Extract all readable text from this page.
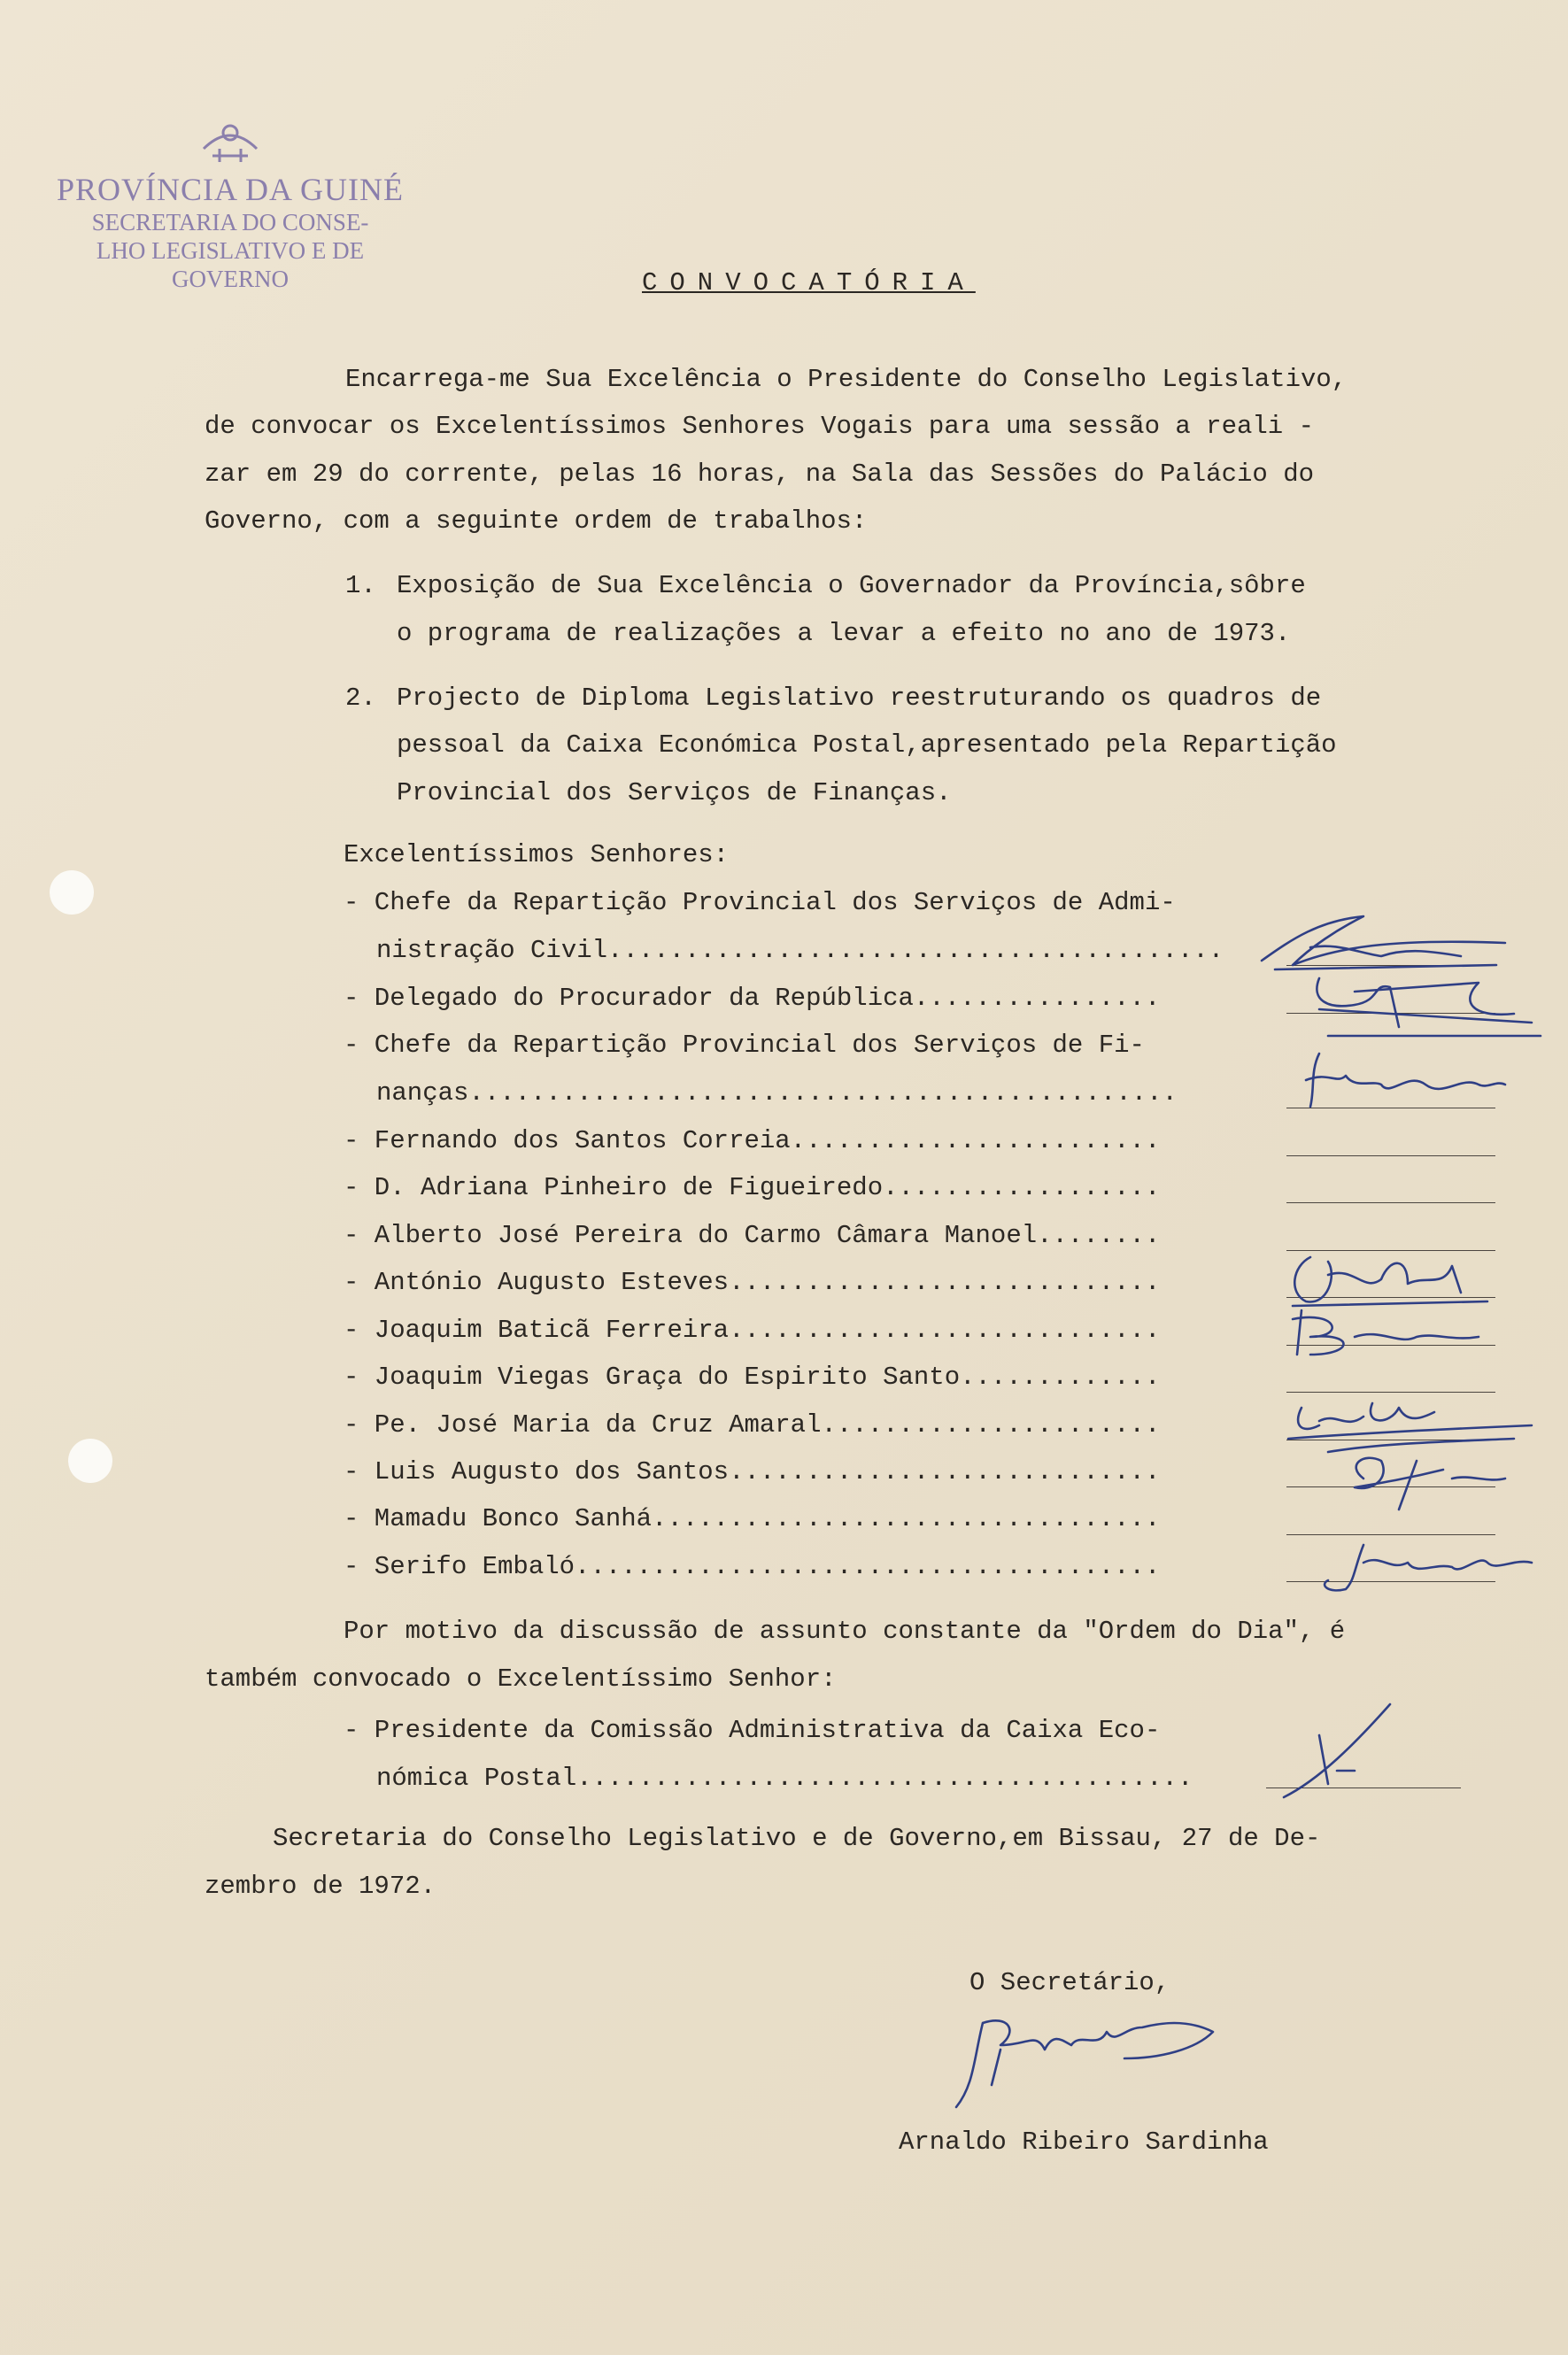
PROVÍNCIA DA GUINÉ
SECRETARIA DO CONSE-
LHO LEGISLATIVO E DE
GOVERNO	CONVOCATÓRIA
Encarrega-me Sua Excelência o Presidente do Conselho Legislativo,
de convocar os Excelentíssimos Senhores Vogais para uma sessão a reali -
zar em 29 do corrente, pelas 16 horas, na Sala das Sessões do Palácio do
Governo, com a seguinte ordem de trabalhos:
1. Exposição de Sua Excelência o Governador da Província,sôbre
o programa de realizações a levar a efeito no ano de 1973.
2. Projecto de Diploma Legislativo reestruturando os quadros de
pessoal da Caixa Económica Postal,apresentado pela Repartição
Provincial dos Serviços de Finanças.
Excelentíssimos Senhores:
- Chefe da Repartição Provincial dos Serviços de Admi-
nistração Civil........................................
- Delegado do Procurador da República................
- Chefe da Repartição Provincial dos Serviços de Fi-
nanças..............................................
- Fernando dos Santos Correia........................
- D. Adriana Pinheiro de Figueiredo..................
- Alberto José Pereira do Carmo Câmara Manoel........
- António Augusto Esteves............................
- Joaquim Baticã Ferreira............................
- Joaquim Viegas Graça do Espirito Santo.............
- Pe. José Maria da Cruz Amaral......................
- Luis Augusto dos Santos............................
- Mamadu Bonco Sanhá.................................
- Serifo Embaló......................................
Por motivo da discussão de assunto constante da "Ordem do Dia", é
também convocado o Excelentíssimo Senhor:
- Presidente da Comissão Administrativa da Caixa Eco-
nómica Postal........................................
Secretaria do Conselho Legislativo e de Governo,em Bissau, 27 de De-
zembro de 1972.
O Secretário,
Arnaldo Ribeiro Sardinha
